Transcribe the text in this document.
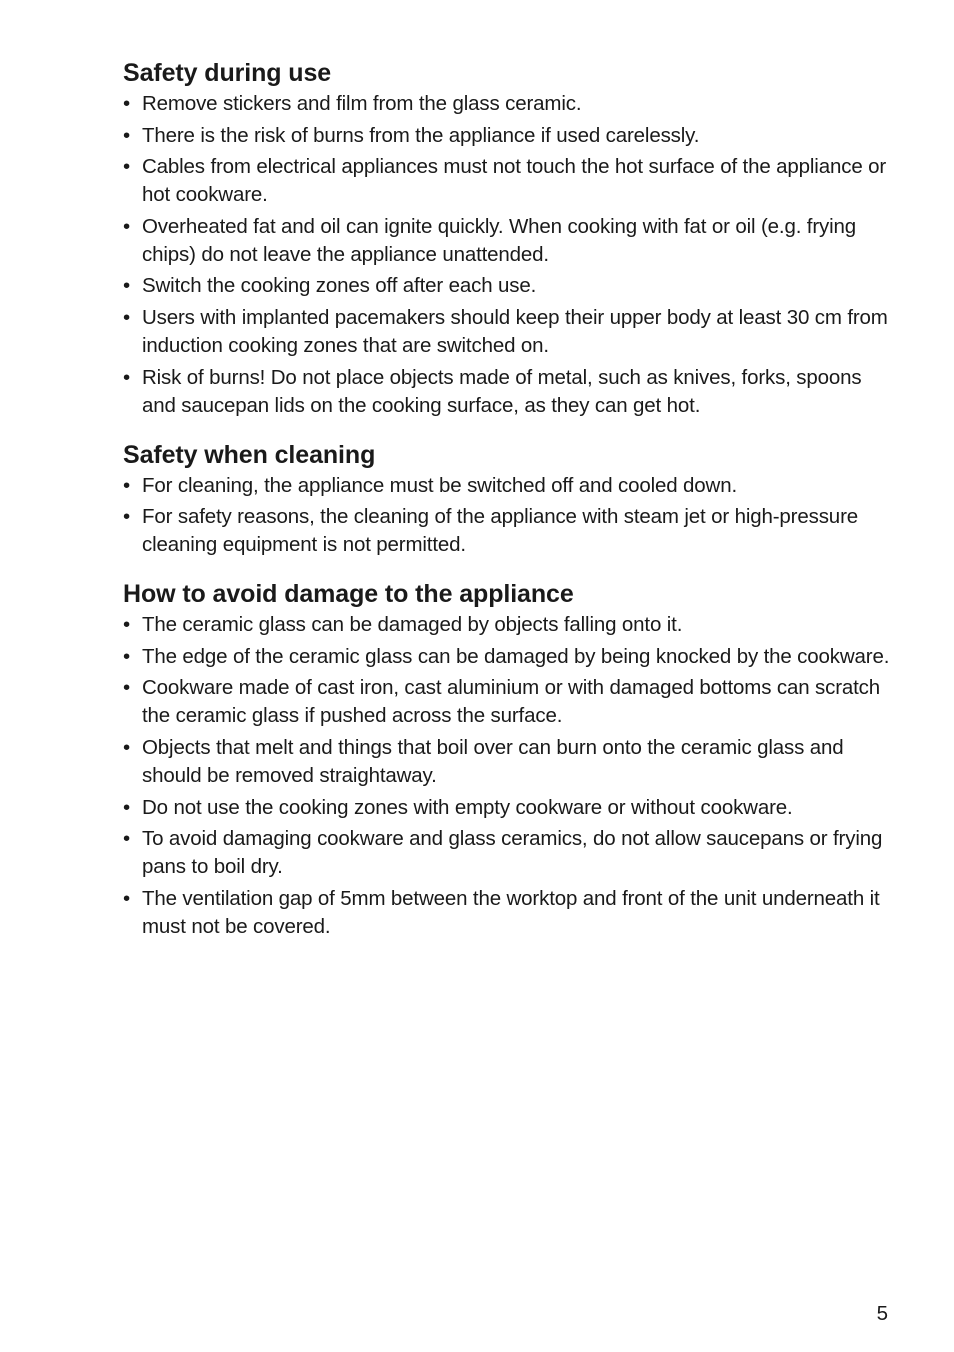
Safety during use
• Remove stickers and film from the glass ceramic.
• There is the risk of burns from the appliance if used carelessly.
• Cables from electrical appliances must not touch the hot surface of the appliance or hot cookware.
• Overheated fat and oil can ignite quickly. When cooking with fat or oil (e.g. frying chips) do not leave the appliance unattended.
• Switch the cooking zones off after each use.
• Users with implanted pacemakers should keep their upper body at least 30 cm from induction cooking zones that are switched on.
• Risk of burns! Do not place objects made of metal, such as knives, forks, spoons and saucepan lids on the cooking surface, as they can get hot.
Safety when cleaning
• For cleaning, the appliance must be switched off and cooled down.
• For safety reasons, the cleaning of the appliance with steam jet or high-pressure cleaning equipment is not permitted.
How to avoid damage to the appliance
• The ceramic glass can be damaged by objects falling onto it.
• The edge of the ceramic glass can be damaged by being knocked by the cookware.
• Cookware made of cast iron, cast aluminium or with damaged bottoms can scratch the ceramic glass if pushed across the surface.
• Objects that melt and things that boil over can burn onto the ceramic glass and should be removed straightaway.
• Do not use the cooking zones with empty cookware or without cookware.
• To avoid damaging cookware and glass ceramics, do not allow saucepans or frying pans to boil dry.
• The ventilation gap of 5mm between the worktop and front of the unit underneath it must not be covered.
5
